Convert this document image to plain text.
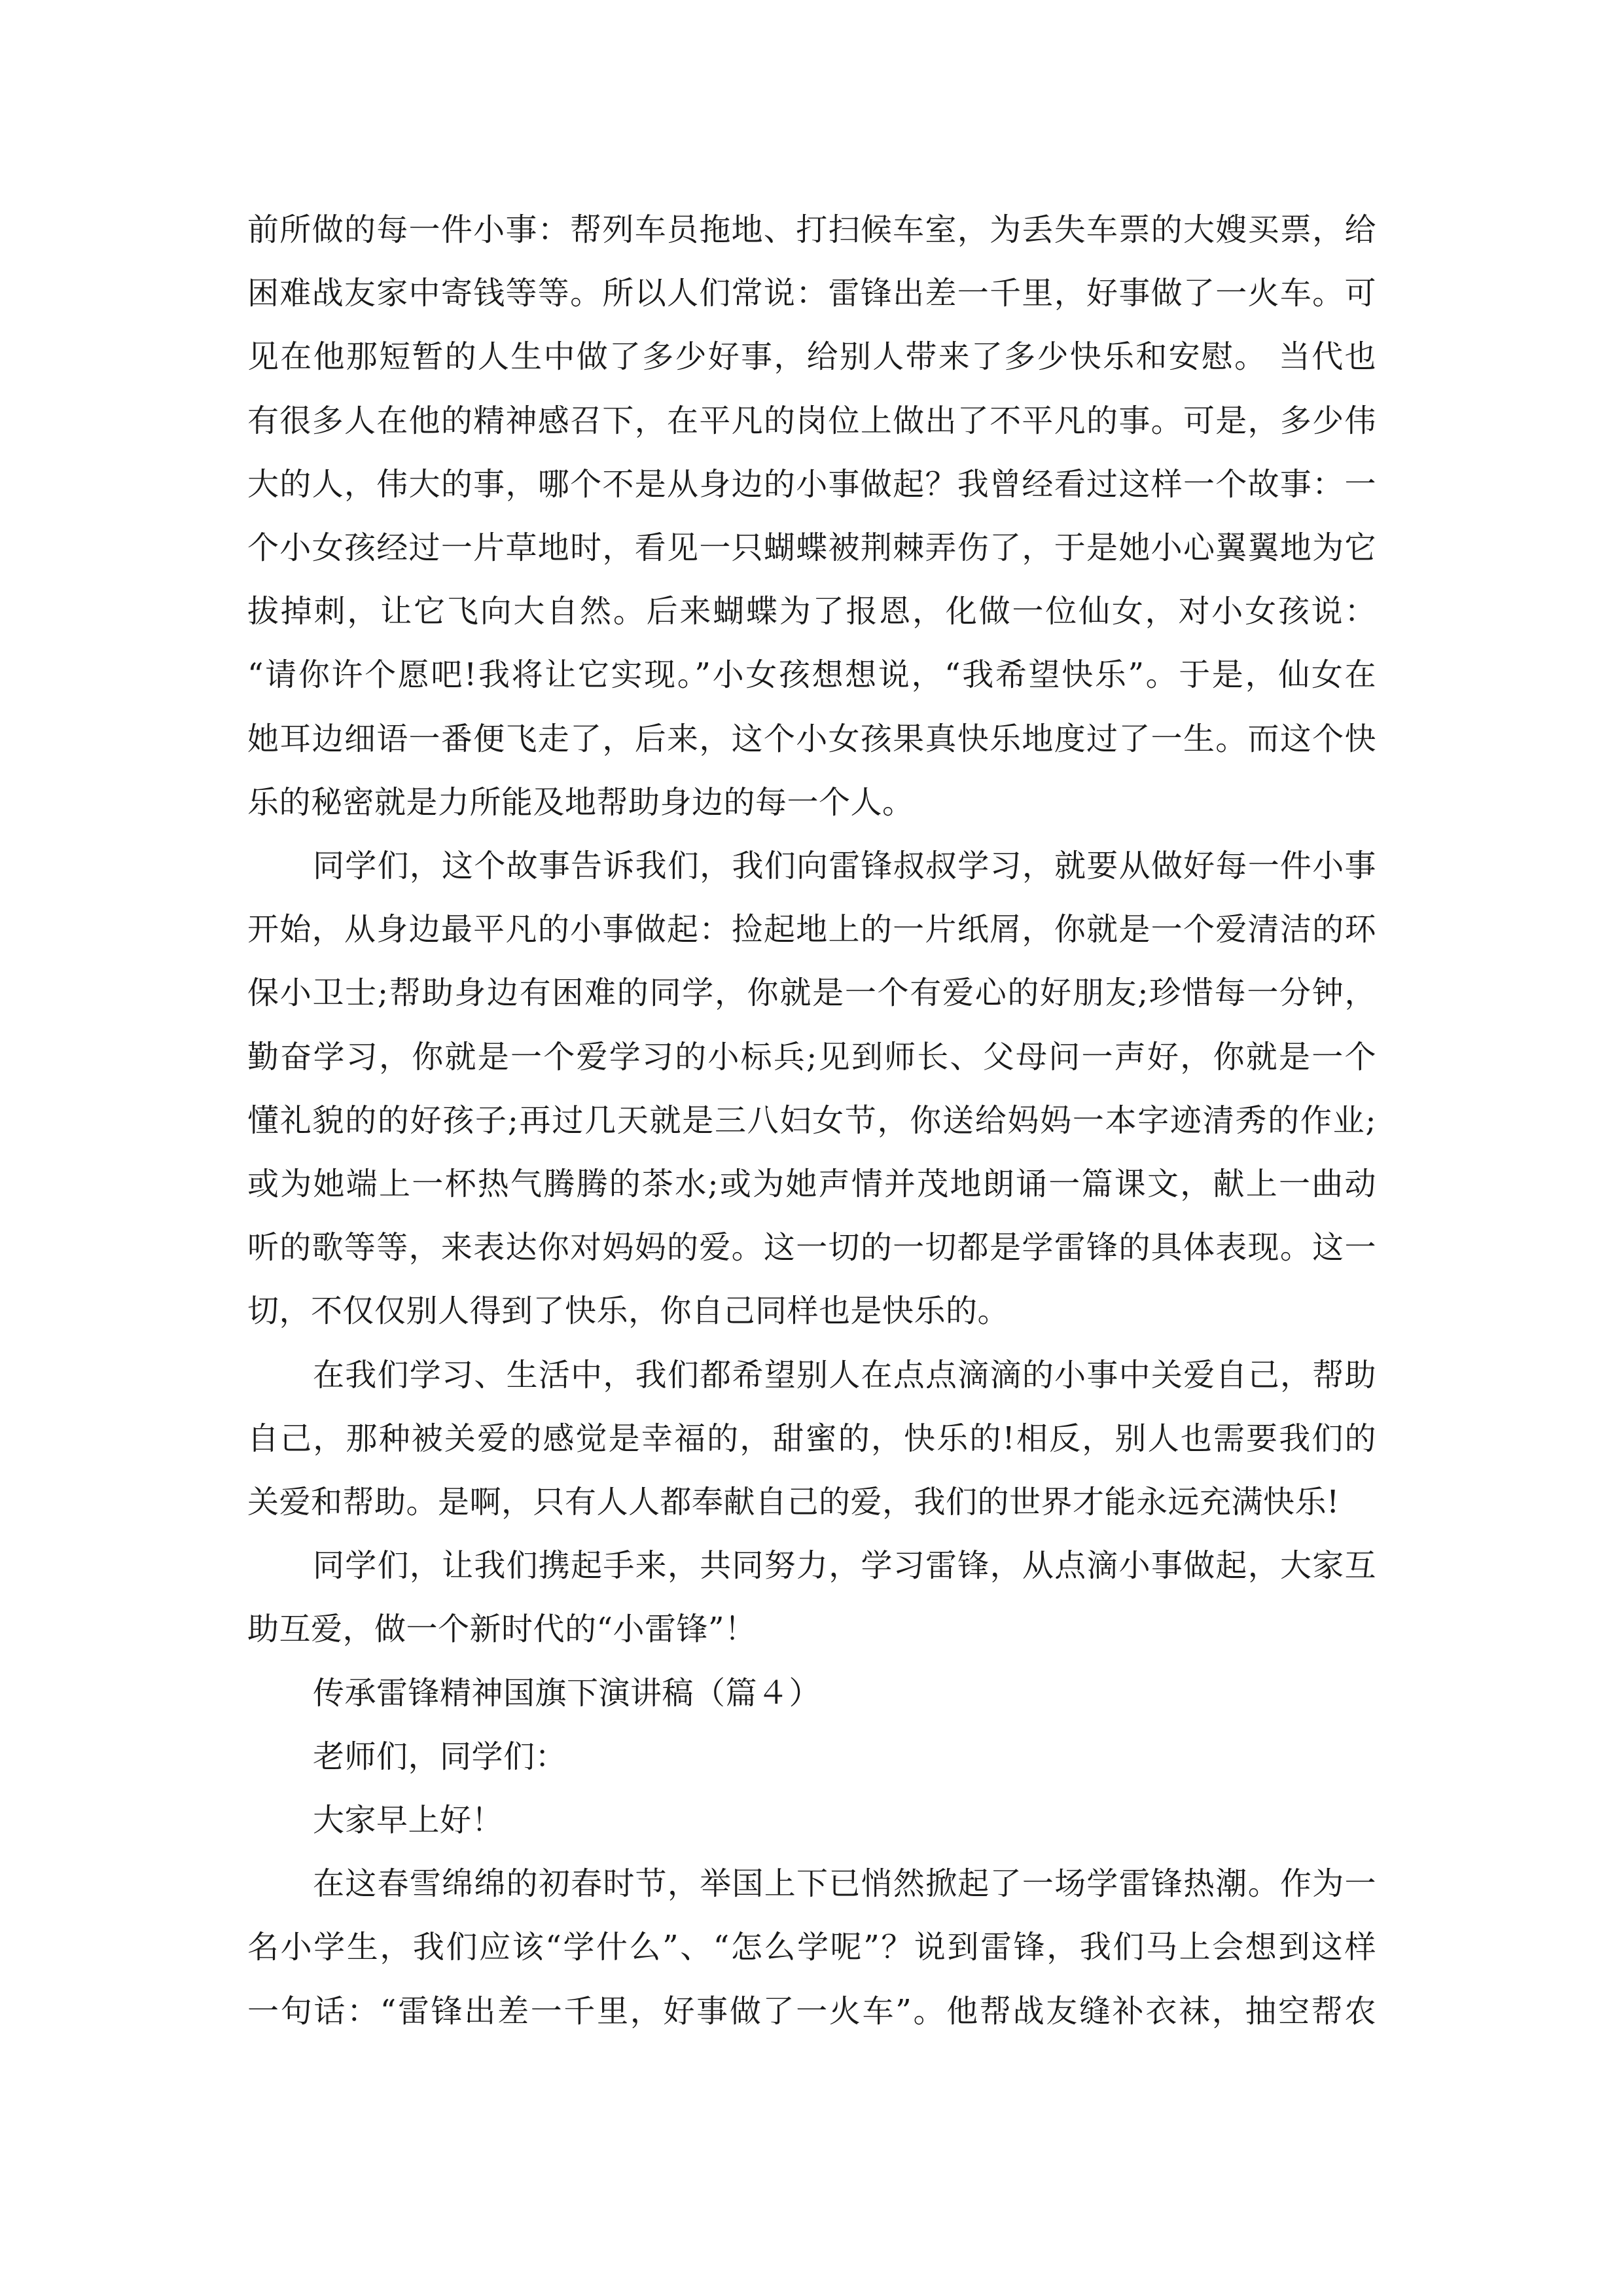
前所做的每一件小事：帮列车员拖地、打扫候车室，为丢失车票的大嫂买票，给
困难战友家中寄钱等等。所以人们常说：雷锋出差一千里，好事做了一火车。可
见在他那短暂的人生中做了多少好事，给别人带来了多少快乐和安慰。 当代也
有很多人在他的精神感召下，在平凡的岗位上做出了不平凡的事。可是，多少伟
大的人，伟大的事，哪个不是从身边的小事做起？我曾经看过这样一个故事：一
个小女孩经过一片草地时，看见一只蝴蝶被荆棘弄伤了，于是她小心翼翼地为它
拔掉刺，让它飞向大自然。后来蝴蝶为了报恩，化做一位仙女，对小女孩说：
“请你许个愿吧!我将让它实现。”小女孩想想说，“我希望快乐”。于是，仙女在
她耳边细语一番便飞走了，后来，这个小女孩果真快乐地度过了一生。而这个快
乐的秘密就是力所能及地帮助身边的每一个人。

同学们，这个故事告诉我们，我们向雷锋叔叔学习，就要从做好每一件小事
开始，从身边最平凡的小事做起：捡起地上的一片纸屑，你就是一个爱清洁的环
保小卫士;帮助身边有困难的同学，你就是一个有爱心的好朋友;珍惜每一分钟，
勤奋学习，你就是一个爱学习的小标兵;见到师长、父母问一声好，你就是一个
懂礼貌的的好孩子;再过几天就是三八妇女节，你送给妈妈一本字迹清秀的作业;
或为她端上一杯热气腾腾的茶水;或为她声情并茂地朗诵一篇课文，献上一曲动
听的歌等等，来表达你对妈妈的爱。这一切的一切都是学雷锋的具体表现。这一
切，不仅仅别人得到了快乐，你自己同样也是快乐的。

在我们学习、生活中，我们都希望别人在点点滴滴的小事中关爱自己，帮助
自己，那种被关爱的感觉是幸福的，甜蜜的，快乐的!相反，别人也需要我们的
关爱和帮助。是啊，只有人人都奉献自己的爱，我们的世界才能永远充满快乐!

同学们，让我们携起手来，共同努力，学习雷锋，从点滴小事做起，大家互
助互爱，做一个新时代的“小雷锋”！

传承雷锋精神国旗下演讲稿（篇４）

老师们，同学们：

大家早上好！

在这春雪绵绵的初春时节，举国上下已悄然掀起了一场学雷锋热潮。作为一
名小学生，我们应该“学什么”、“怎么学呢”？说到雷锋，我们马上会想到这样
一句话：“雷锋出差一千里，好事做了一火车”。他帮战友缝补衣袜，抽空帮农
